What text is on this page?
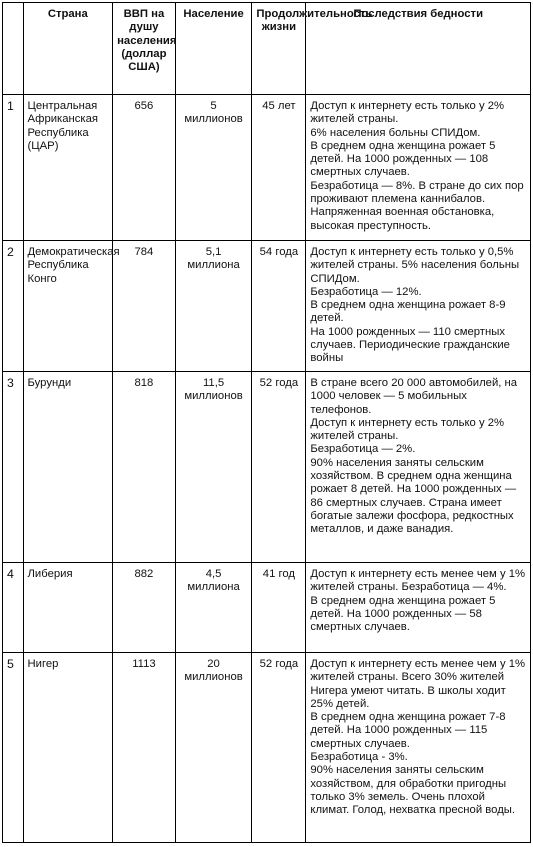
	Страна	ВВП на душу населения (доллар США)	Население	Продолжительность жизни	Последствия бедности
1	Центральная Африканская Республика (ЦАР)	656	5 миллионов	45 лет	Доступ к интернету есть только у 2% жителей страны.
6% населения больны СПИДом.
В среднем одна женщина рожает 5 детей. На 1000 рожденных — 108 смертных случаев.
Безработица — 8%. В стране до сих пор проживают племена каннибалов. Напряженная военная обстановка, высокая преступность.

2	Демократическая Республика Конго	784	5,1 миллиона	54 года	Доступ к интернету есть только у 0,5% жителей страны. 5% населения больны СПИДом.
Безработица — 12%.
В среднем одна женщина рожает 8-9 детей.
На 1000 рожденных — 110 смертных случаев. Периодические гражданские войны

3	Бурунди	818	11,5 миллионов	52 года	В стране всего 20 000 автомобилей, на 1000 человек — 5 мобильных телефонов.
Доступ к интернету есть только у 2% жителей страны.
Безработица — 2%.
90% населения заняты сельским хозяйством. В среднем одна женщина рожает 8 детей. На 1000 рожденных — 86 смертных случаев. Страна имеет богатые залежи фосфора, редкостных металлов, и даже ванадия.

4	Либерия	882	4,5 миллиона	41 год	Доступ к интернету есть менее чем у 1% жителей страны. Безработица — 4%.
В среднем одна женщина рожает 5 детей. На 1000 рожденных — 58 смертных случаев.

5	Нигер	1113	20 миллионов	52 года	Доступ к интернету есть менее чем у 1% жителей страны. Всего 30% жителей Нигера умеют читать. В школы ходит 25% детей.
В среднем одна женщина рожает 7-8 детей. На 1000 рожденных — 115 смертных случаев.
Безработица - 3%.
90% населения заняты сельским хозяйством, для обработки пригодны только 3% земель. Очень плохой климат. Голод, нехватка пресной воды.
